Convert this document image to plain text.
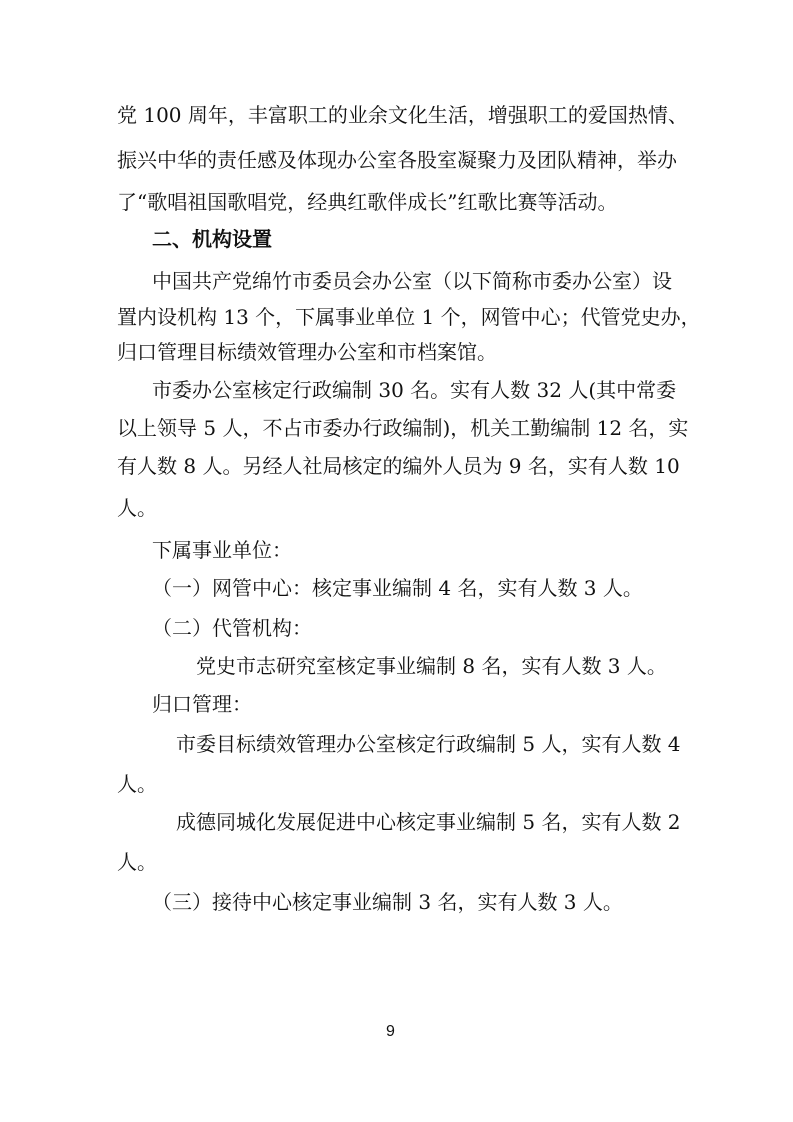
党 100 周年，丰富职工的业余文化生活，增强职工的爱国热情、

振兴中华的责任感及体现办公室各股室凝聚力及团队精神，举办

了“歌唱祖国歌唱党，经典红歌伴成长”红歌比赛等活动。

二、机构设置

中国共产党绵竹市委员会办公室（以下简称市委办公室）设

置内设机构 13 个，下属事业单位 1 个，网管中心；代管党史办，

归口管理目标绩效管理办公室和市档案馆。

市委办公室核定行政编制 30 名。实有人数 32 人(其中常委

以上领导 5 人，不占市委办行政编制)，机关工勤编制 12 名，实

有人数 8 人。另经人社局核定的编外人员为 9 名，实有人数 10

人。

下属事业单位：

（一）网管中心：核定事业编制 4 名，实有人数 3 人。

（二）代管机构：

党史市志研究室核定事业编制 8 名，实有人数 3 人。

归口管理：

市委目标绩效管理办公室核定行政编制 5 人，实有人数 4

人。

成德同城化发展促进中心核定事业编制 5 名，实有人数 2

人。

（三）接待中心核定事业编制 3 名，实有人数 3 人。

9
